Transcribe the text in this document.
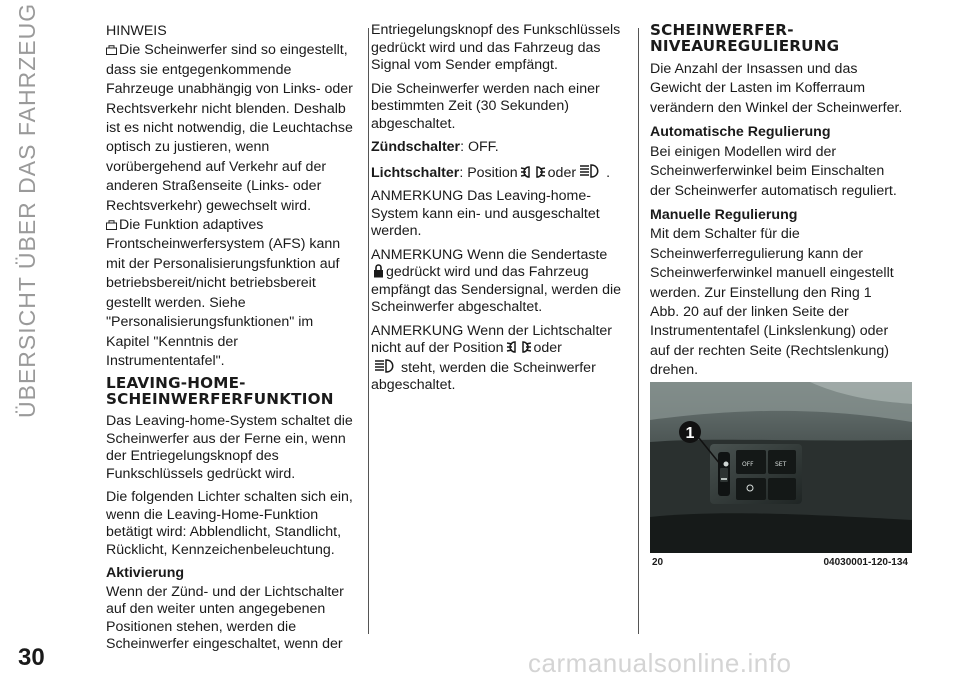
ÜBERSICHT ÜBER DAS FAHRZEUG
30
HINWEIS
Die Scheinwerfer sind so eingestellt,
dass sie entgegenkommende
Fahrzeuge unabhängig von Links- oder
Rechtsverkehr nicht blenden. Deshalb
ist es nicht notwendig, die Leuchtachse
optisch zu justieren, wenn
vorübergehend auf Verkehr auf der
anderen Straßenseite (Links- oder
Rechtsverkehr) gewechselt wird.
Die Funktion adaptives
Frontscheinwerfersystem (AFS) kann
mit der Personalisierungsfunktion auf
betriebsbereit/nicht betriebsbereit
gestellt werden. Siehe
"Personalisierungsfunktionen" im
Kapitel "Kenntnis der
Instrumententafel".
LEAVING-HOME-
SCHEINWERFERFUNKTION

Das Leaving-home-System schaltet die Scheinwerfer aus der Ferne ein, wenn der Entriegelungsknopf des Funkschlüssels gedrückt wird.

Die folgenden Lichter schalten sich ein, wenn die Leaving-Home-Funktion betätigt wird: Abblendlicht, Standlicht, Rücklicht, Kennzeichenbeleuchtung.

Aktivierung

Wenn der Zünd- und der Lichtschalter auf den weiter unten angegebenen Positionen stehen, werden die Scheinwerfer eingeschaltet, wenn der

Entriegelungsknopf des Funkschlüssels gedrückt wird und das Fahrzeug das Signal vom Sender empfängt.

Die Scheinwerfer werden nach einer bestimmten Zeit (30 Sekunden) abgeschaltet.

Zündschalter: OFF.

Lichtschalter: Position oder .

ANMERKUNG Das Leaving-home-System kann ein- und ausgeschaltet werden.

ANMERKUNG Wenn die Sendertaste
gedrückt wird und das Fahrzeug empfängt das Sendersignal, werden die Scheinwerfer abgeschaltet.

ANMERKUNG Wenn der Lichtschalter nicht auf der Position oder
steht, werden die Scheinwerfer abgeschaltet.

SCHEINWERFER-
NIVEAUREGULIERUNG
Die Anzahl der Insassen und das
Gewicht der Lasten im Kofferraum
verändern den Winkel der Scheinwerfer.
Automatische Regulierung
Bei einigen Modellen wird der
Scheinwerferwinkel beim Einschalten
der Scheinwerfer automatisch reguliert.
Manuelle Regulierung
Mit dem Schalter für die
Scheinwerferregulierung kann der
Scheinwerferwinkel manuell eingestellt
werden. Zur Einstellung den Ring 1
Abb. 20 auf der linken Seite der
Instrumententafel (Linkslenkung) oder
auf der rechten Seite (Rechtslenkung)
drehen.
OFF	SET
1
20	04030001-120-134
carmanualsonline.info
